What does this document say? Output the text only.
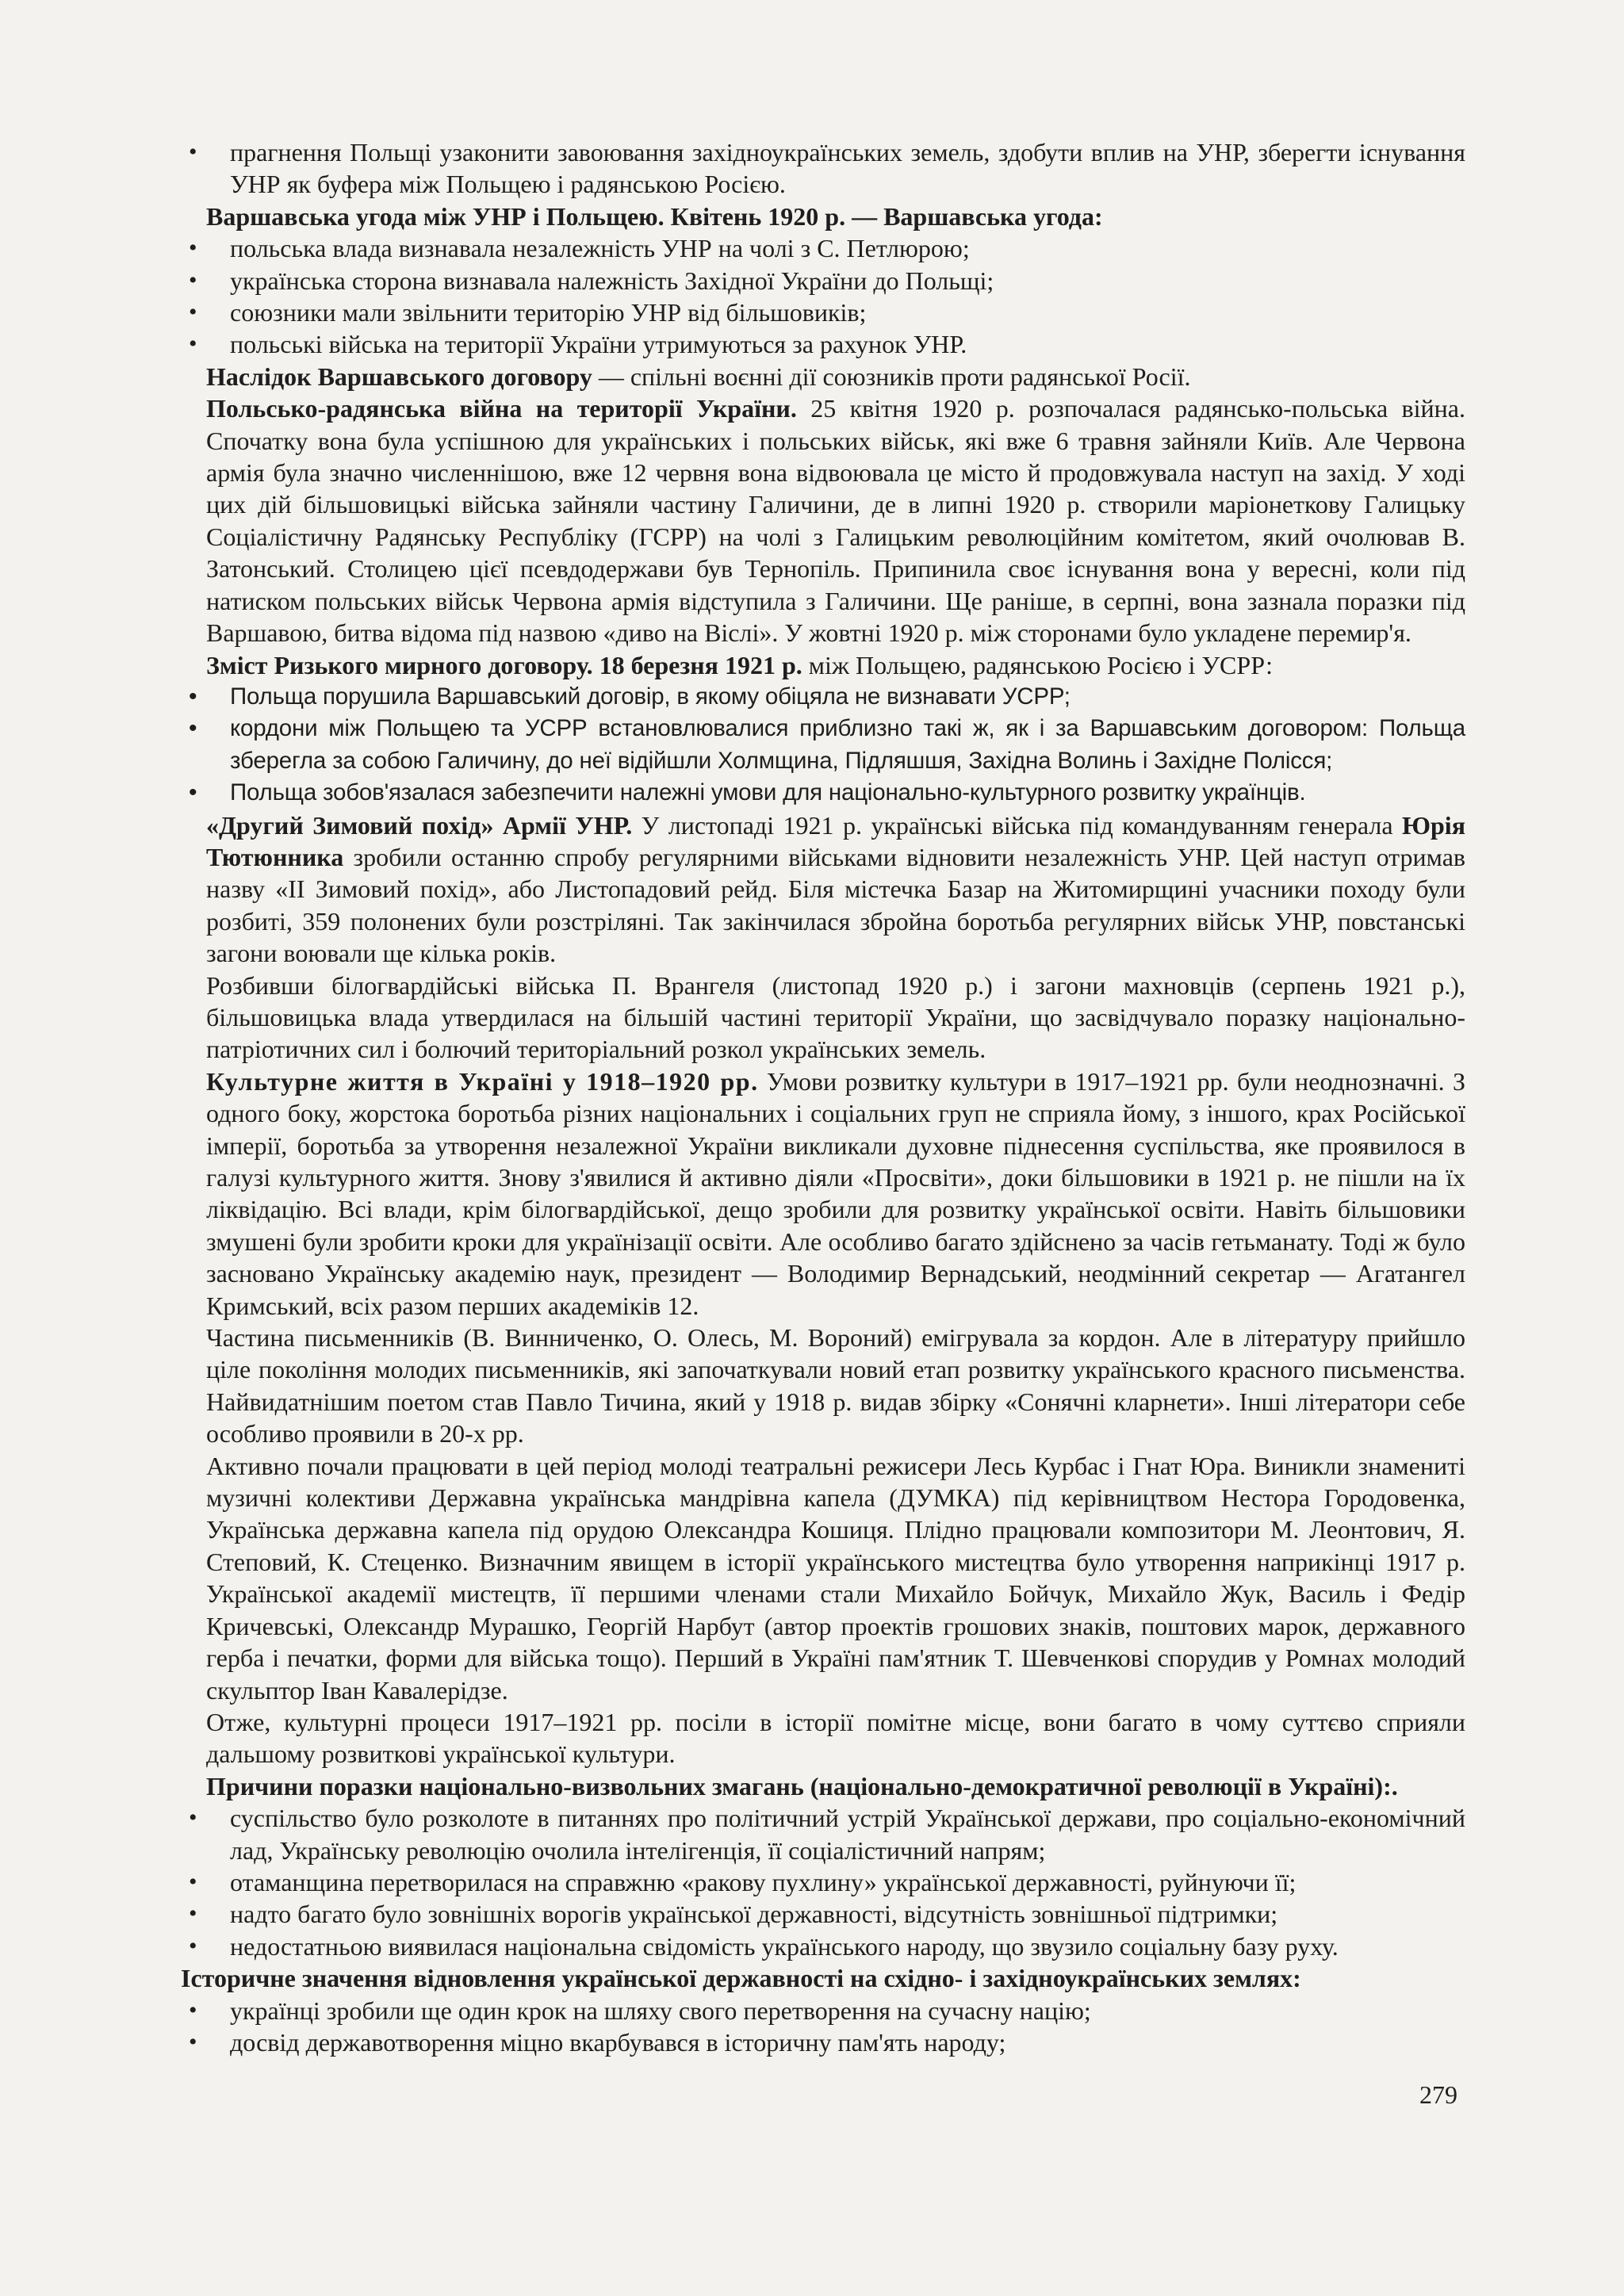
• прагнення Польщі узаконити завоювання західноукраїнських земель, здобути вплив на УНР, зберегти існування УНР як буфера між Польщею і радянською Росією.

Варшавська угода між УНР і Польщею. Квітень 1920 р. — Варшавська угода:

• польська влада визнавала незалежність УНР на чолі з С. Петлюрою;
• українська сторона визнавала належність Західної України до Польщі;
• союзники мали звільнити територію УНР від більшовиків;
• польські війська на території України утримуються за рахунок УНР.

Наслідок Варшавського договору — спільні воєнні дії союзників проти радянської Росії.

Польсько-радянська війна на території України. 25 квітня 1920 р. розпочалася радянсько-польська війна. Спочатку вона була успішною для українських і польських військ, які вже 6 травня зайняли Київ. Але Червона армія була значно численнішою, вже 12 червня вона відвоювала це місто й продовжувала наступ на захід. У ході цих дій більшовицькі війська зайняли частину Галичини, де в липні 1920 р. створили маріонеткову Галицьку Соціалістичну Радянську Республіку (ГСРР) на чолі з Галицьким революційним комітетом, який очолював В. Затонський. Столицею цієї псевдодержави був Тернопіль. Припинила своє існування вона у вересні, коли під натиском польських військ Червона армія відступила з Галичини. Ще раніше, в серпні, вона зазнала поразки під Варшавою, битва відома під назвою «диво на Віслі». У жовтні 1920 р. між сторонами було укладене перемир'я.

Зміст Ризького мирного договору. 18 березня 1921 р. між Польщею, радянською Росією і УСРР:

• Польща порушила Варшавський договір, в якому обіцяла не визнавати УСРР;
• кордони між Польщею та УСРР встановлювалися приблизно такі ж, як і за Варшавським договором: Польща зберегла за собою Галичину, до неї відійшли Холмщина, Підляшшя, Західна Волинь і Західне Полісся;
• Польща зобов'язалася забезпечити належні умови для національно-культурного розвитку українців.

«Другий Зимовий похід» Армії УНР. У листопаді 1921 р. українські війська під командуванням генерала Юрія Тютюнника зробили останню спробу регулярними військами відновити незалежність УНР. Цей наступ отримав назву «ІІ Зимовий похід», або Листопадовий рейд. Біля містечка Базар на Житомирщині учасники походу були розбиті, 359 полонених були розстріляні. Так закінчилася збройна боротьба регулярних військ УНР, повстанські загони воювали ще кілька років.

Розбивши білогвардійські війська П. Врангеля (листопад 1920 р.) і загони махновців (серпень 1921 р.), більшовицька влада утвердилася на більшій частині території України, що засвідчувало поразку національно-патріотичних сил і болючий територіальний розкол українських земель.

Культурне життя в Україні у 1918–1920 рр. Умови розвитку культури в 1917–1921 рр. були неоднозначні. З одного боку, жорстока боротьба різних національних і соціальних груп не сприяла йому, з іншого, крах Російської імперії, боротьба за утворення незалежної України викликали духовне піднесення суспільства, яке проявилося в галузі культурного життя. Знову з'явилися й активно діяли «Просвіти», доки більшовики в 1921 р. не пішли на їх ліквідацію. Всі влади, крім білогвардійської, дещо зробили для розвитку української освіти. Навіть більшовики змушені були зробити кроки для українізації освіти. Але особливо багато здійснено за часів гетьманату. Тоді ж було засновано Українську академію наук, президент — Володимир Вернадський, неодмінний секретар — Агатангел Кримський, всіх разом перших академіків 12.

Частина письменників (В. Винниченко, О. Олесь, М. Вороний) емігрувала за кордон. Але в літературу прийшло ціле покоління молодих письменників, які започаткували новий етап розвитку українського красного письменства. Найвидатнішим поетом став Павло Тичина, який у 1918 р. видав збірку «Сонячні кларнети». Інші літератори себе особливо проявили в 20-х рр.

Активно почали працювати в цей період молоді театральні режисери Лесь Курбас і Гнат Юра. Виникли знамениті музичні колективи Державна українська мандрівна капела (ДУМКА) під керівництвом Нестора Городовенка, Українська державна капела під орудою Олександра Кошиця. Плідно працювали композитори М. Леонтович, Я. Степовий, К. Стеценко. Визначним явищем в історії українського мистецтва було утворення наприкінці 1917 р. Української академії мистецтв, її першими членами стали Михайло Бойчук, Михайло Жук, Василь і Федір Кричевські, Олександр Мурашко, Георгій Нарбут (автор проектів грошових знаків, поштових марок, державного герба і печатки, форми для війська тощо). Перший в Україні пам'ятник Т. Шевченкові спорудив у Ромнах молодий скульптор Іван Кавалерідзе.

Отже, культурні процеси 1917–1921 рр. посіли в історії помітне місце, вони багато в чому суттєво сприяли дальшому розвиткові української культури.

Причини поразки національно-визвольних змагань (національно-демократичної революції в Україні):.

• суспільство було розколоте в питаннях про політичний устрій Української держави, про соціально-економічний лад, Українську революцію очолила інтелігенція, її соціалістичний напрям;
• отаманщина перетворилася на справжню «ракову пухлину» української державності, руйнуючи її;
• надто багато було зовнішніх ворогів української державності, відсутність зовнішньої підтримки;
• недостатньою виявилася національна свідомість українського народу, що звузило соціальну базу руху.

Історичне значення відновлення української державності на східно- і західноукраїнських землях:

• українці зробили ще один крок на шляху свого перетворення на сучасну націю;
• досвід державотворення міцно вкарбувався в історичну пам'ять народу;
279
